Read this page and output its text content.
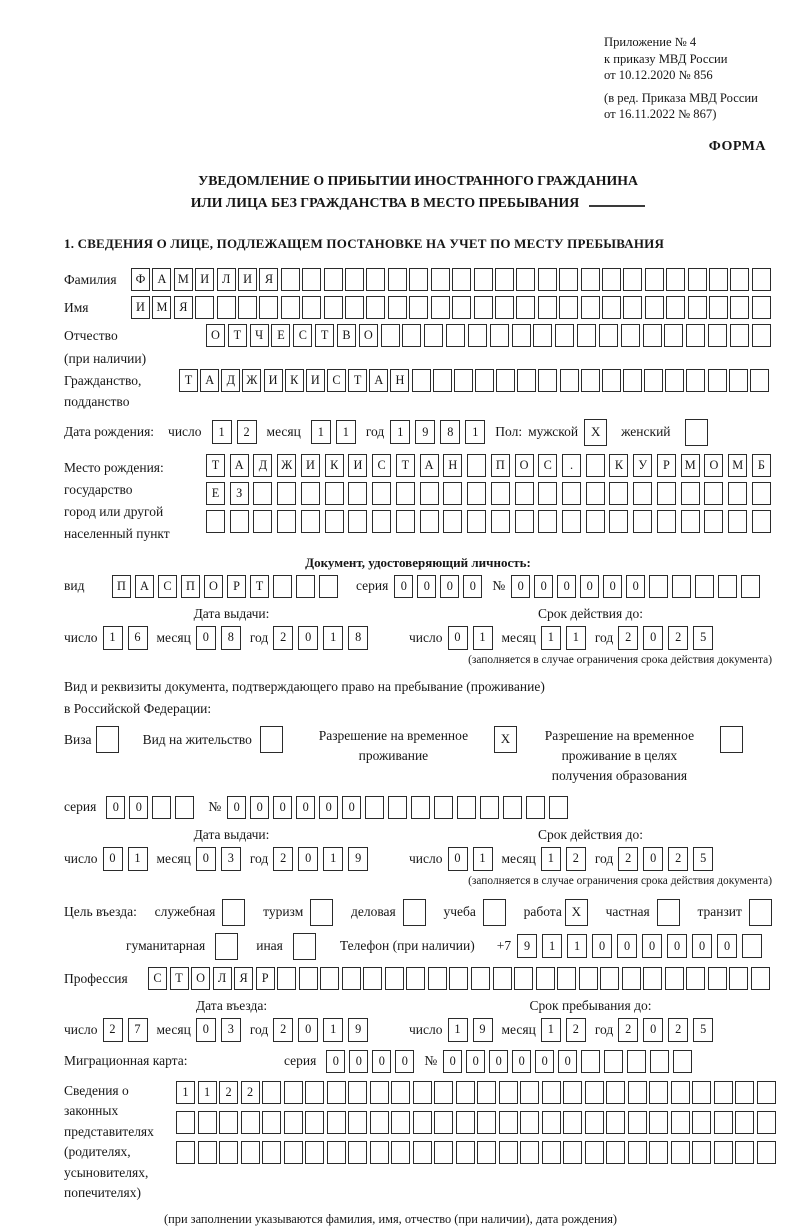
Приложение № 4
к приказу МВД России
от 10.12.2020 № 856
(в ред. Приказа МВД России
от 16.11.2022 № 867)
ФОРМА
УВЕДОМЛЕНИЕ О ПРИБЫТИИ ИНОСТРАННОГО ГРАЖДАНИНА
ИЛИ ЛИЦА БЕЗ ГРАЖДАНСТВА В МЕСТО ПРЕБЫВАНИЯ
1. СВЕДЕНИЯ О ЛИЦЕ, ПОДЛЕЖАЩЕМ ПОСТАНОВКЕ НА УЧЕТ ПО МЕСТУ ПРЕБЫВАНИЯ
Фамилия	Ф А М И	Л	И	Я
Имя	И М Я
Отчество
(при наличии)
О	Т	Ч	Е	С	Т	В	О
Гражданство,
подданство
Т	А	Д Ж И	К	И	С	Т	А Н
Дата рождения: число	1	2	месяц	1	1	год	1	9	8	1	Пол: мужской X	женский
Место рождения:
государство
город или другой
населенный пункт
Т	А	Д	Ж	И	К	И	С	Т	А	Н	П	О	С	.	К	У	Р	М	О	М	Б
Е	З
Документ, удостоверяющий личность:
вид	П	А	С	П	О	Р	Т	серия	0	0	0	0	№	0	0	0	0	0	0
Дата выдачи:
число 1	6	месяц 0	8	год 2	0	1	8
Срок действия до:
число 0	1	месяц 1	1	год 2	0	2	5
(заполняется в случае ограничения срока действия документа)
Вид и реквизиты документа, подтверждающего право на пребывание (проживание)
в Российской Федерации:
Виза	Вид на жительство	Разрешение на временное
проживание
X	Разрешение на временное
проживание в целях
получения образования
серия	0	0	№	0	0	0	0	0	0
Дата выдачи:
число 0	1	месяц 0	3	год 2	0	1	9
Срок действия до:
число 0	1	месяц 1	2	год 2	0	2	5
(заполняется в случае ограничения срока действия документа)
Цель въезда: служебная	туризм	деловая	учеба	работа X	частная	транзит
гуманитарная	иная	Телефон (при наличии) +7	9	1	1	0	0	0	0	0	0
Профессия	С	Т	О	Л	Я	Р
Дата въезда:
число 2	7	месяц 0	3	год 2	0	1	9
Срок пребывания до:
число 1	9	месяц 1	2	год 2	0	2	5
Миграционная карта:	серия	0	0	0	0	№	0	0	0	0	0	0
Сведения о
законных
представителях
(родителях,
усыновителях,
попечителях)
1	1	2	2
(при заполнении указываются фамилия, имя, отчество (при наличии), дата рождения)
